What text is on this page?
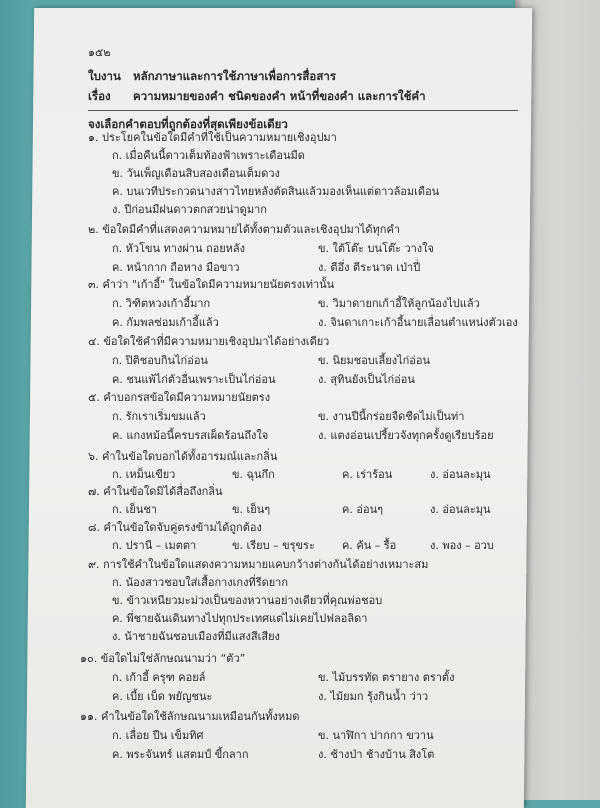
๑๕๒
ใบงาน หลักภาษาและการใช้ภาษาเพื่อการสื่อสาร
เรื่อง ความหมายของคำ ชนิดของคำ หน้าที่ของคำ และการใช้คำ
จงเลือกคำตอบที่ถูกต้องที่สุดเพียงข้อเดียว
๑. ประโยคในข้อใดมีคำที่ใช้เป็นความหมายเชิงอุปมา
ก. เมื่อคืนนี้ดาวเต็มท้องฟ้าเพราะเดือนมืด
ข. วันเพ็ญเดือนสิบสองเดือนเต็มดวง
ค. บนเวทีประกวดนางสาวไทยหลังตัดสินแล้วมองเห็นแต่ดาวล้อมเดือน
ง. ปีก่อนมีฝนดาวตกสวยน่าดูมาก
๒. ข้อใดมีคำที่แสดงความหมายได้ทั้งตามตัวและเชิงอุปมาได้ทุกคำ
ก. หัวโขน ทางผ่าน ถอยหลัง	ข. ใต้โต๊ะ บนโต๊ะ วางใจ
ค. หน้ากาก ถือหาง มือขาว	ง. ตีอึ่ง ตีระนาด เป่าปี่
๓. คำว่า "เก้าอี้" ในข้อใดมีความหมายนัยตรงเท่านั้น
ก. วิฑิตหวงเก้าอี้มาก	ข. วิมาดายกเก้าอี้ให้ลูกน้องไปแล้ว
ค. กัมพลซ่อมเก้าอี้แล้ว	ง. จินดาเกาะเก้าอี้นายเลื่อนตำแหน่งตัวเอง
๔. ข้อใดใช้คำที่มีความหมายเชิงอุปมาได้อย่างเดียว
ก. ปิติชอบกินไก่อ่อน	ข. นิยมชอบเลี้ยงไก่อ่อน
ค. ชนแพ้ไก่ตัวอื่นเพราะเป็นไก่อ่อน	ง. สุทินยังเป็นไก่อ่อน
๕. คำบอกรสข้อใดมีความหมายนัยตรง
ก. รักเราเริ่มขมแล้ว	ข. งานปีนี้กร่อยจืดชืดไม่เป็นท่า
ค. แกงหม้อนี้ครบรสเผ็ดร้อนถึงใจ	ง. แตงอ่อนเปรี้ยวจังทุกครั้งดูเรียบร้อย
๖. คำในข้อใดบอกได้ทั้งอารมณ์และกลิ่น
ก. เหม็นเขียว	ข. ฉุนกึก	ค. เร่าร้อน	ง. อ่อนละมุน
๗. คำในข้อใดมิได้สื่อถึงกลิ่น
ก. เย็นชา	ข. เย็นๆ	ค. อ่อนๆ	ง. อ่อนละมุน
๘. คำในข้อใดจับคู่ตรงข้ามได้ถูกต้อง
ก. ปรานี – เมตตา	ข. เรียบ – ขรุขระ ค. ค้น – รื้อ	ง. พอง – อวบ
๙. การใช้คำในข้อใดแสดงความหมายแคบกว้างต่างกันได้อย่างเหมาะสม
ก. น้องสาวชอบใส่เสื้อกางเกงที่รีดยาก
ข. ข้าวเหนียวมะม่วงเป็นของหวานอย่างเดียวที่คุณพ่อชอบ
ค. พี่ชายฉันเดินทางไปทุกประเทศแต่ไม่เคยไปฟลอลิดา
ง. น้าชายฉันชอบเมืองที่มีแสงสีเสียง
๑๐. ข้อใดไม่ใช่ลักษณนามว่า “ตัว”
ก. เก้าอี้ ครุฑ คอยล์	ข. ไม้บรรทัด ตรายาง ตราตั้ง
ค. เบี้ย เบ็ด พยัญชนะ	ง. ไม้ยมก รุ้งกินน้ำ ว่าว
๑๑. คำในข้อใดใช้ลักษณนามเหมือนกันทั้งหมด
ก. เลื่อย ปืน เข็มทิศ	ข. นาฬิกา ปากกา ขวาน
ค. พระจันทร์ แสตมป์ ขี้กลาก	ง. ช้างป่า ช้างบ้าน สิงโต
